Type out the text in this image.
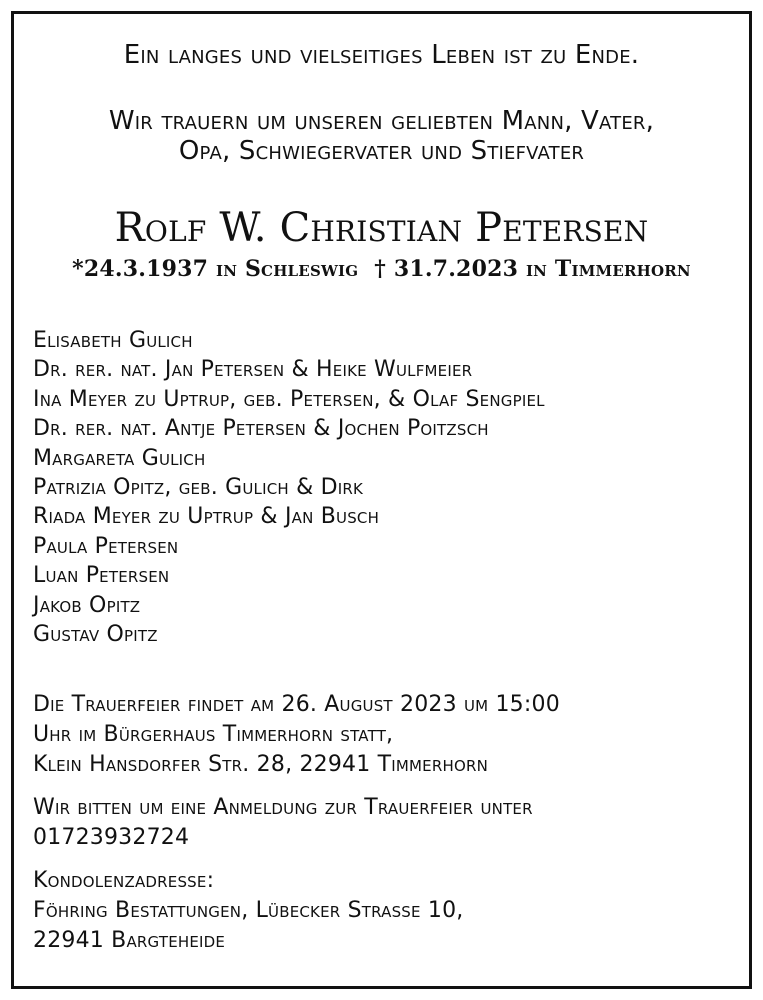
Ein langes und vielseitiges Leben ist zu Ende.
Wir trauern um unseren geliebten Mann, Vater,
Opa, Schwiegervater und Stiefvater
Rolf W. Christian Petersen
*24.3.1937 in Schleswig † 31.7.2023 in Timmerhorn
Elisabeth Gulich
Dr. rer. nat. Jan Petersen & Heike Wulfmeier
Ina Meyer zu Uptrup, geb. Petersen, & Olaf Sengpiel
Dr. rer. nat. Antje Petersen & Jochen Poitzsch
Margareta Gulich
Patrizia Opitz, geb. Gulich & Dirk
Riada Meyer zu Uptrup & Jan Busch
Paula Petersen
Luan Petersen
Jakob Opitz
Gustav Opitz
Die Trauerfeier findet am 26. August 2023 um 15:00
Uhr im Bürgerhaus Timmerhorn statt,
Klein Hansdorfer Str. 28, 22941 Timmerhorn
Wir bitten um eine Anmeldung zur Trauerfeier unter
01723932724
Kondolenzadresse:
Föhring Bestattungen, Lübecker Strasse 10,
22941 Bargteheide
